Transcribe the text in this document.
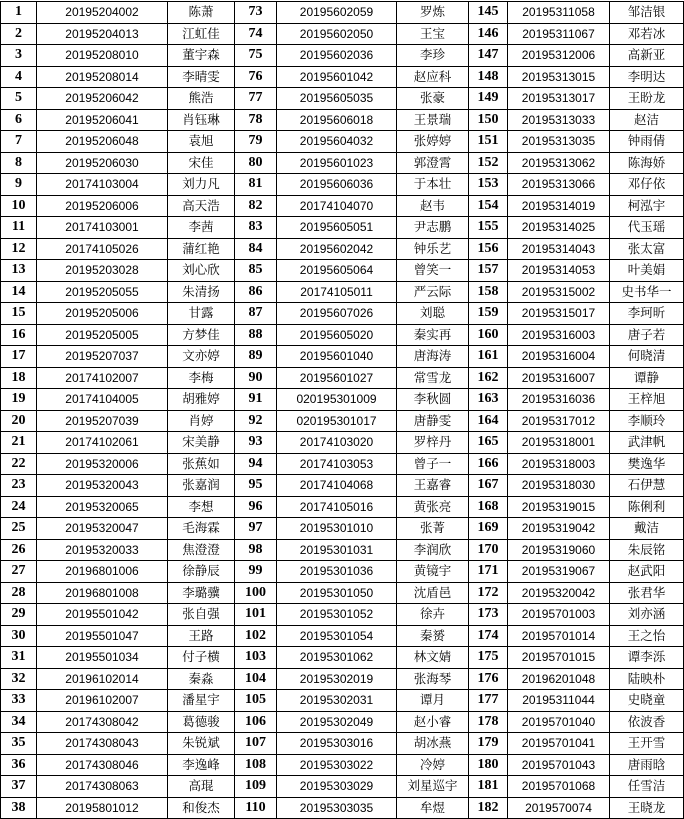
1	20195204002	陈萧	73	20195602059	罗炼	145	20195311058	邹洁银
2	20195204013	江虹佳	74	20195602050	王宝	146	20195311067	邓若冰
3	20195208010	董宇森	75	20195602036	李珍	147	20195312006	高新亚
4	20195208014	李晴雯	76	20195601042	赵应科	148	20195313015	李明达
5	20195206042	熊浩	77	20195605035	张豪	149	20195313017	王盼龙
6	20195206041	肖钰琳	78	20195606018	王景瑞	150	20195313033	赵洁
7	20195206048	袁旭	79	20195604032	张婷婷	151	20195313035	钟雨倩
8	20195206030	宋佳	80	20195601023	郭澄霄	152	20195313062	陈海娇
9	20174103004	刘力凡	81	20195606036	于本壮	153	20195313066	邓仔依
10	20195206006	高天浩	82	20174104070	赵韦	154	20195314019	柯泓宇
11	20174103001	李茜	83	20195605051	尹志鹏	155	20195314025	代玉瑶
12	20174105026	蒲红艳	84	20195602042	钟乐艺	156	20195314043	张太富
13	20195203028	刘心欣	85	20195605064	曾笑一	157	20195314053	叶美娟
14	20195205055	朱清扬	86	20174105011	严云际	158	20195315002	史书华一
15	20195205006	甘露	87	20195607026	刘聪	159	20195315017	李珂昕
16	20195205005	方梦佳	88	20195605020	秦实再	160	20195316003	唐子若
17	20195207037	文亦婷	89	20195601040	唐海涛	161	20195316004	何晓清
18	20174102007	李梅	90	20195601027	常雪龙	162	20195316007	谭静
19	20174104005	胡雅婷	91	020195301009	李秋圆	163	20195316036	王梓旭
20	20195207039	肖婷	92	020195301017	唐静雯	164	20195317012	李顺玲
21	20174102061	宋美静	93	20174103020	罗梓丹	165	20195318001	武津帆
22	20195320006	张蕉如	94	20174103053	曾子一	166	20195318003	樊逸华
23	20195320043	张嘉润	95	20174104068	王嘉睿	167	20195318030	石伊慧
24	20195320065	李想	96	20174105016	黄张亮	168	20195319015	陈俐利
25	20195320047	毛海霖	97	20195301010	张菁	169	20195319042	戴洁
26	20195320033	焦澄澄	98	20195301031	李润欣	170	20195319060	朱辰铭
27	20196801006	徐静辰	99	20195301036	黄镜宇	171	20195319067	赵武阳
28	20196801008	李璐骥	100	20195301050	沈盾邑	172	20195320042	张君华
29	20195501042	张自强	101	20195301052	徐卉	173	20195701003	刘亦涵
30	20195501047	王路	102	20195301054	秦赟	174	20195701014	王之怡
31	20195501034	付子横	103	20195301062	林文婧	175	20195701015	谭李泺
32	20196102014	秦淼	104	20195302019	张海琴	176	20196201048	陆映朴
33	20196102007	潘星宇	105	20195302031	谭月	177	20195311044	史晓童
34	20174308042	葛德骏	106	20195302049	赵小睿	178	20195701040	依波香
35	20174308043	朱锐斌	107	20195303016	胡冰燕	179	20195701041	王开雪
36	20174308046	李逸峰	108	20195303022	冷婷	180	20195701043	唐雨晗
37	20174308063	高琨	109	20195303029	刘星巡宇	181	20195701068	任雪洁
38	20195801012	和俊杰	110	20195303035	牟煜	182	2019570074	王晓龙
